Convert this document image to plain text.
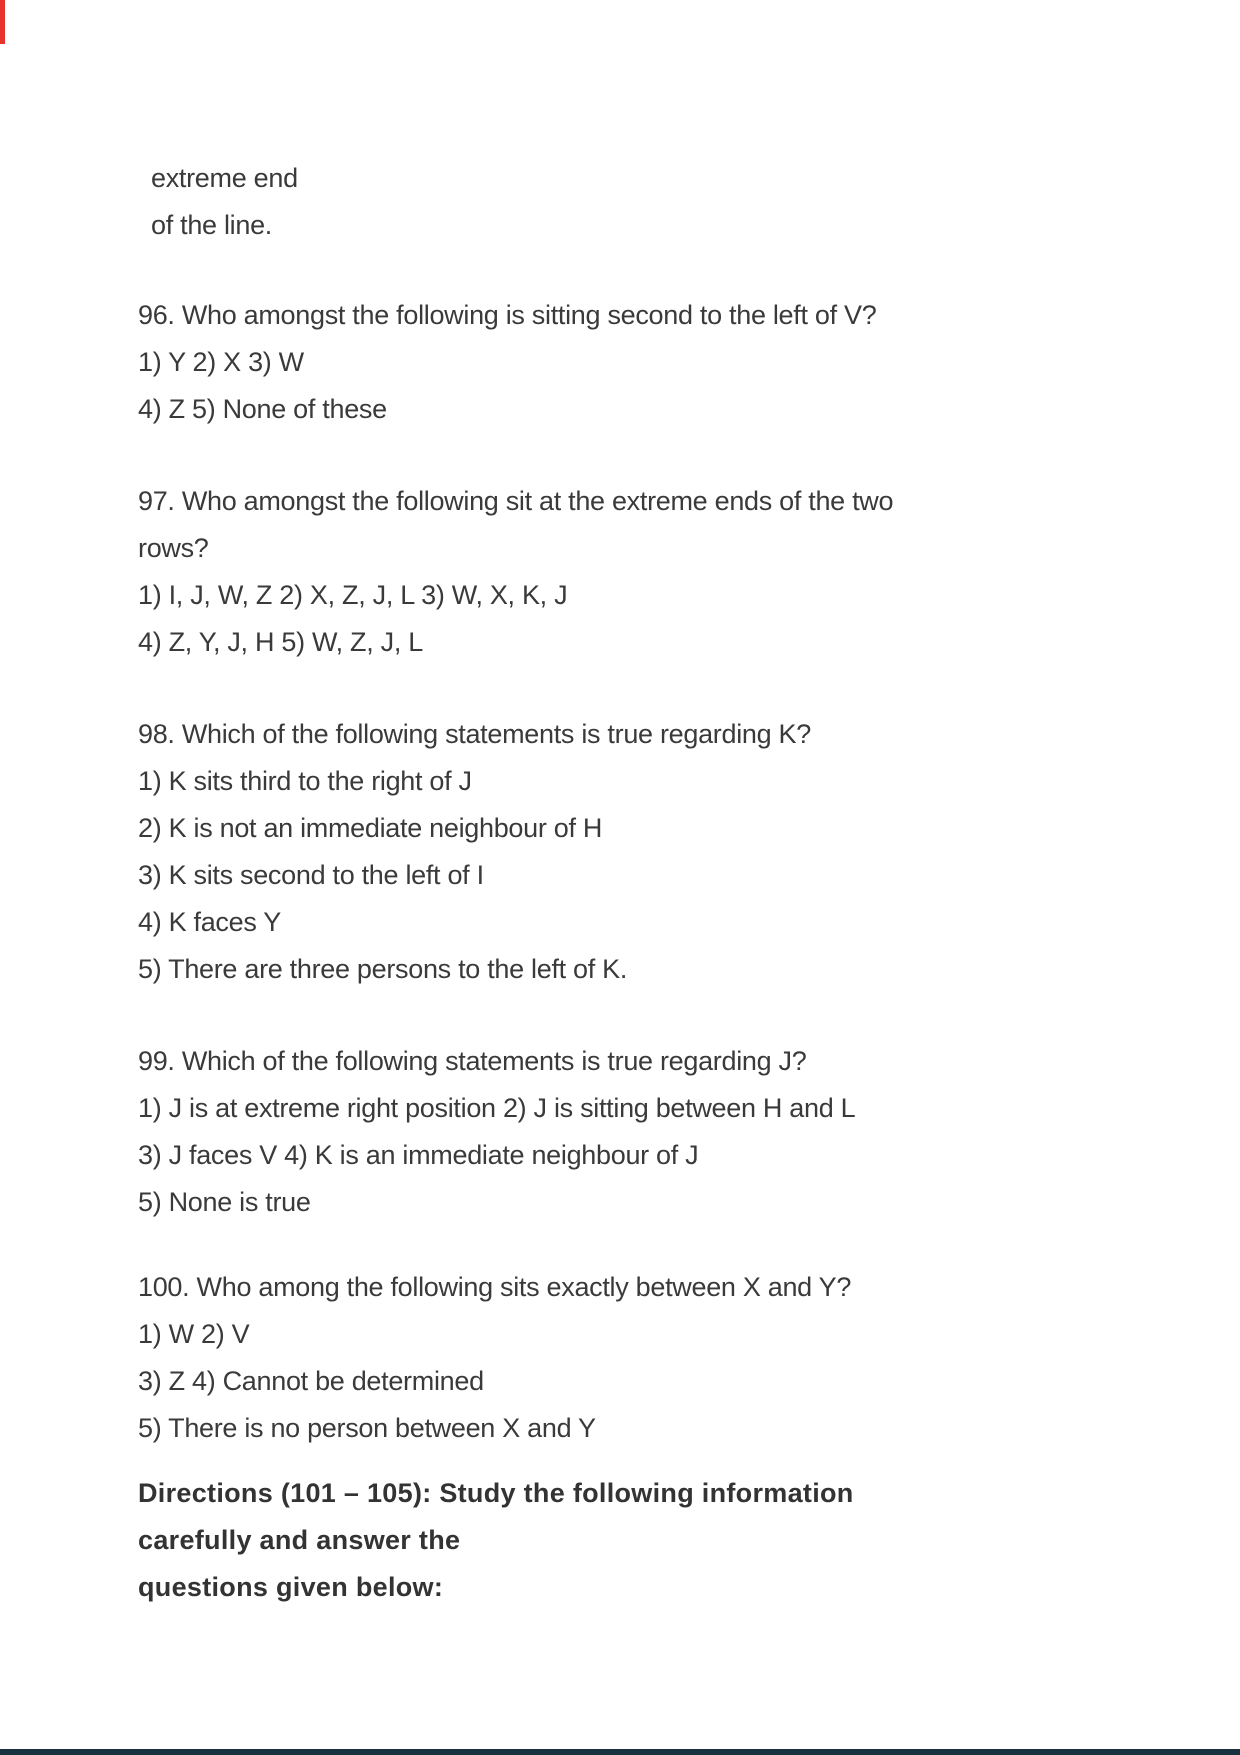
extreme end
of the line.
96. Who amongst the following is sitting second to the left of V?
1) Y 2) X 3) W
4) Z 5) None of these
97. Who amongst the following sit at the extreme ends of the two
rows?
1) I, J, W, Z 2) X, Z, J, L 3) W, X, K, J
4) Z, Y, J, H 5) W, Z, J, L
98. Which of the following statements is true regarding K?
1) K sits third to the right of J
2) K is not an immediate neighbour of H
3) K sits second to the left of I
4) K faces Y
5) There are three persons to the left of K.
99. Which of the following statements is true regarding J?
1) J is at extreme right position 2) J is sitting between H and L
3) J faces V 4) K is an immediate neighbour of J
5) None is true
100. Who among the following sits exactly between X and Y?
1) W 2) V
3) Z 4) Cannot be determined
5) There is no person between X and Y
Directions (101 – 105): Study the following information
carefully and answer the
questions given below:
